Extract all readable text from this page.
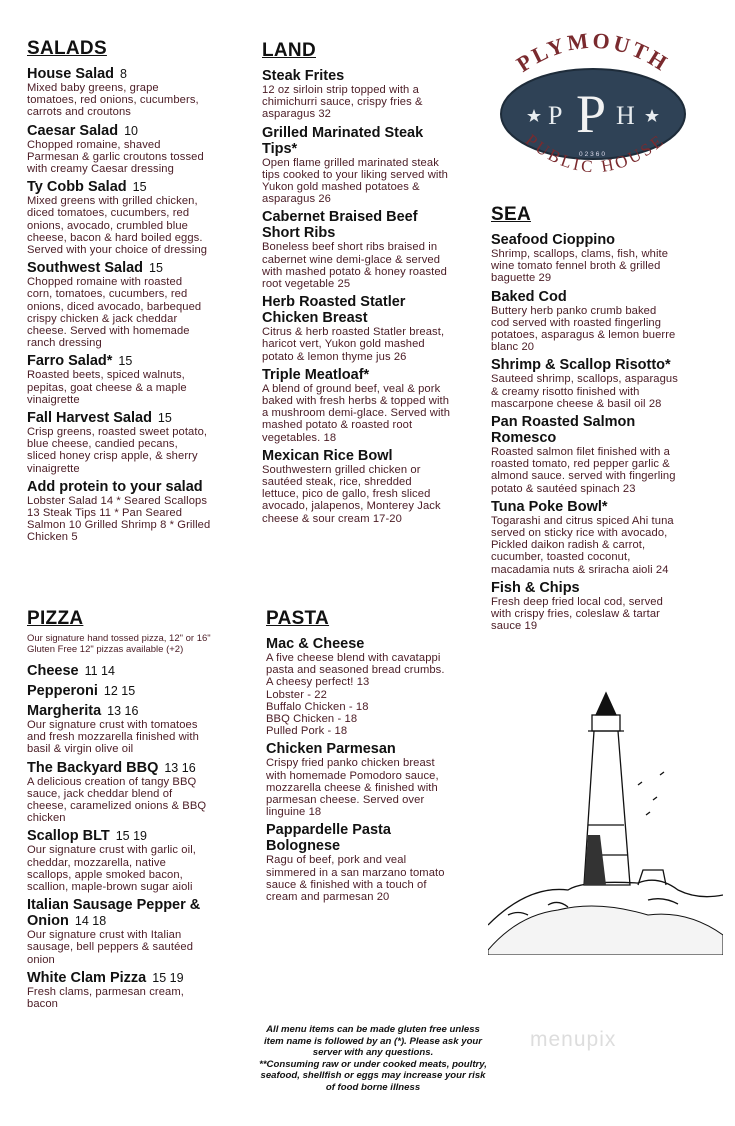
SALADS
House Salad 8
Mixed baby greens, grape
tomatoes, red onions, cucumbers,
carrots and croutons
Caesar Salad 10
Chopped romaine, shaved
Parmesan & garlic croutons tossed
with creamy Caesar dressing
Ty Cobb Salad 15
Mixed greens with grilled chicken,
diced tomatoes, cucumbers, red
onions, avocado, crumbled blue
cheese, bacon & hard boiled eggs.
Served with your choice of dressing
Southwest Salad 15
Chopped romaine with roasted
corn, tomatoes, cucumbers, red
onions, diced avocado, barbequed
crispy chicken & jack cheddar
cheese. Served with homemade
ranch dressing
Farro Salad* 15
Roasted beets, spiced walnuts,
pepitas, goat cheese & a maple
vinaigrette
Fall Harvest Salad 15
Crisp greens, roasted sweet potato,
blue cheese, candied pecans,
sliced honey crisp apple, & sherry
vinaigrette
Add protein to your salad
Lobster Salad 14 * Seared Scallops
13 Steak Tips 11 * Pan Seared
Salmon 10 Grilled Shrimp 8 * Grilled
Chicken 5
LAND
Steak Frites
12 oz sirloin strip topped with a
chimichurri sauce, crispy fries &
asparagus 32
Grilled Marinated Steak
Tips*
Open flame grilled marinated steak
tips cooked to your liking served with
Yukon gold mashed potatoes &
asparagus 26
Cabernet Braised Beef
Short Ribs
Boneless beef short ribs braised in
cabernet wine demi-glace & served
with mashed potato & honey roasted
root vegetable 25
Herb Roasted Statler
Chicken Breast
Citrus & herb roasted Statler breast,
haricot vert, Yukon gold mashed
potato & lemon thyme jus 26
Triple Meatloaf*
A blend of ground beef, veal & pork
baked with fresh herbs & topped with
a mushroom demi-glace. Served with
mashed potato & roasted root
vegetables. 18
Mexican Rice Bowl
Southwestern grilled chicken or
sautéed steak, rice, shredded
lettuce, pico de gallo, fresh sliced
avocado, jalapenos, Monterey Jack
cheese & sour cream 17-20
SEA
Seafood Cioppino
Shrimp, scallops, clams, fish, white
wine tomato fennel broth & grilled
baguette 29
Baked Cod
Buttery herb panko crumb baked
cod served with roasted fingerling
potatoes, asparagus & lemon buerre
blanc 20
Shrimp & Scallop Risotto*
Sauteed shrimp, scallops, asparagus
& creamy risotto finished with
mascarpone cheese & basil oil 28
Pan Roasted Salmon
Romesco
Roasted salmon filet finished with a
roasted tomato, red pepper garlic &
almond sauce. served with fingerling
potato & sautéed spinach 23
Tuna Poke Bowl*
Togarashi and citrus spiced Ahi tuna
served on sticky rice with avocado,
Pickled daikon radish & carrot,
cucumber, toasted coconut,
macadamia nuts & sriracha aioli 24
Fish & Chips
Fresh deep fried local cod, served
with crispy fries, coleslaw & tartar
sauce 19
PIZZA
Our signature hand tossed pizza, 12" or 16"
Gluten Free 12" pizzas available (+2)
Cheese 11 14
Pepperoni 12 15
Margherita 13 16
Our signature crust with tomatoes
and fresh mozzarella finished with
basil & virgin olive oil
The Backyard BBQ 13 16
A delicious creation of tangy BBQ
sauce, jack cheddar blend of
cheese, caramelized onions & BBQ
chicken
Scallop BLT 15 19
Our signature crust with garlic oil,
cheddar, mozzarella, native
scallops, apple smoked bacon,
scallion, maple-brown sugar aioli
Italian Sausage Pepper &
Onion 14 18
Our signature crust with Italian
sausage, bell peppers & sautéed
onion
White Clam Pizza 15 19
Fresh clams, parmesan cream,
bacon
PASTA
Mac & Cheese
A five cheese blend with cavatappi
pasta and seasoned bread crumbs.
A cheesy perfect! 13
Lobster - 22
Buffalo Chicken - 18
BBQ Chicken - 18
Pulled Pork - 18
Chicken Parmesan
Crispy fried panko chicken breast
with homemade Pomodoro sauce,
mozzarella cheese & finished with
parmesan cheese. Served over
linguine 18
Pappardelle Pasta
Bolognese
Ragu of beef, pork and veal
simmered in a san marzano tomato
sauce & finished with a touch of
cream and parmesan 20
PLYMOUTH
P P H
02360
PUBLIC HOUSE
All menu items can be made gluten free unless
item name is followed by an (*). Please ask your
server with any questions.
**Consuming raw or under cooked meats, poultry,
seafood, shellfish or eggs may increase your risk
of food borne illness
menupix
